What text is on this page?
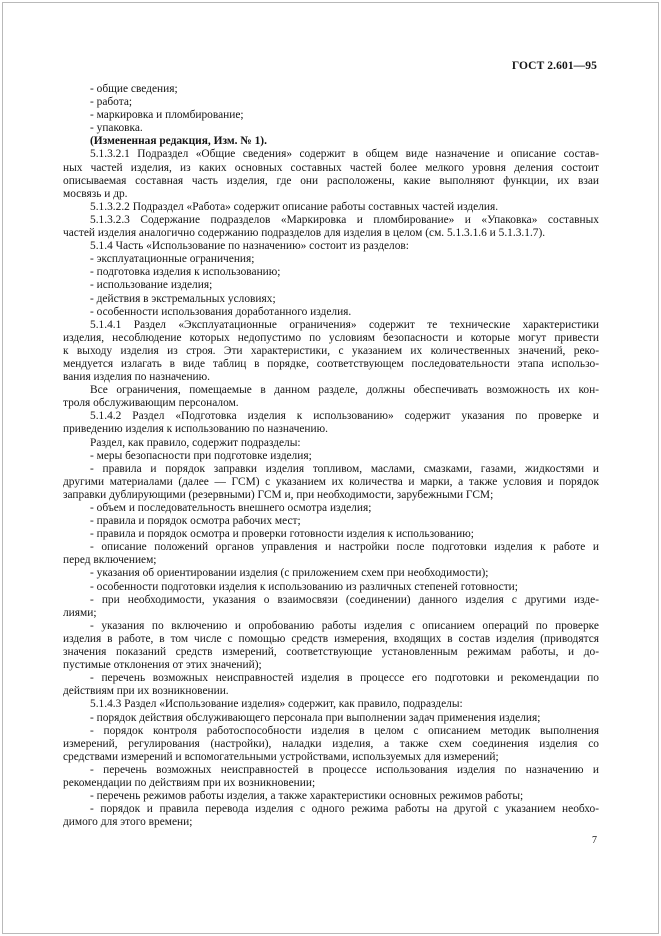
ГОСТ 2.601—95

- общие сведения;

- работа;

- маркировка и пломбирование;

- упаковка.

(Измененная редакция, Изм. № 1).

5.1.3.2.1 Подраздел «Общие сведения» содержит в общем виде назначение и описание состав-

ных частей изделия, из каких основных составных частей более мелкого уровня деления состоит

описываемая составная часть изделия, где они расположены, какие выполняют функции, их взаи

мосвязь и др.

5.1.3.2.2 Подраздел «Работа» содержит описание работы составных частей изделия.

5.1.3.2.3 Содержание подразделов «Маркировка и пломбирование» и «Упаковка» составных

частей изделия аналогично содержанию подразделов для изделия в целом (см. 5.1.3.1.6 и 5.1.3.1.7).

5.1.4 Часть «Использование по назначению» состоит из разделов:

- эксплуатационные ограничения;

- подготовка изделия к использованию;

- использование изделия;

- действия в экстремальных условиях;

- особенности использования доработанного изделия.

5.1.4.1 Раздел «Эксплуатационные ограничения» содержит те технические характеристики

изделия, несоблюдение которых недопустимо по условиям безопасности и которые могут привести

к выходу изделия из строя. Эти характеристики, с указанием их количественных значений, реко-

мендуется излагать в виде таблиц в порядке, соответствующем последовательности этапа использо-

вания изделия по назначению.

Все ограничения, помещаемые в данном разделе, должны обеспечивать возможность их кон-

троля обслуживающим персоналом.

5.1.4.2 Раздел «Подготовка изделия к использованию» содержит указания по проверке и

приведению изделия к использованию по назначению.

Раздел, как правило, содержит подразделы:

- меры безопасности при подготовке изделия;

- правила и порядок заправки изделия топливом, маслами, смазками, газами, жидкостями и

другими материалами (далее — ГСМ) с указанием их количества и марки, а также условия и порядок

заправки дублирующими (резервными) ГСМ и, при необходимости, зарубежными ГСМ;

- объем и последовательность внешнего осмотра изделия;

- правила и порядок осмотра рабочих мест;

- правила и порядок осмотра и проверки готовности изделия к использованию;

- описание положений органов управления и настройки после подготовки изделия к работе и

перед включением;

- указания об ориентировании изделия (с приложением схем при необходимости);

- особенности подготовки изделия к использованию из различных степеней готовности;

- при необходимости, указания о взаимосвязи (соединении) данного изделия с другими изде-

лиями;

- указания по включению и опробованию работы изделия с описанием операций по проверке

изделия в работе, в том числе с помощью средств измерения, входящих в состав изделия (приводятся

значения показаний средств измерений, соответствующие установленным режимам работы, и до-

пустимые отклонения от этих значений);

- перечень возможных неисправностей изделия в процессе его подготовки и рекомендации по

действиям при их возникновении.

5.1.4.3 Раздел «Использование изделия» содержит, как правило, подразделы:

- порядок действия обслуживающего персонала при выполнении задач применения изделия;

- порядок контроля работоспособности изделия в целом с описанием методик выполнения

измерений, регулирования (настройки), наладки изделия, а также схем соединения изделия со

средствами измерений и вспомогательными устройствами, используемых для измерений;

- перечень возможных неисправностей в процессе использования изделия по назначению и

рекомендации по действиям при их возникновении;

- перечень режимов работы изделия, а также характеристики основных режимов работы;

- порядок и правила перевода изделия с одного режима работы на другой с указанием необхо-

димого для этого времени;

7
